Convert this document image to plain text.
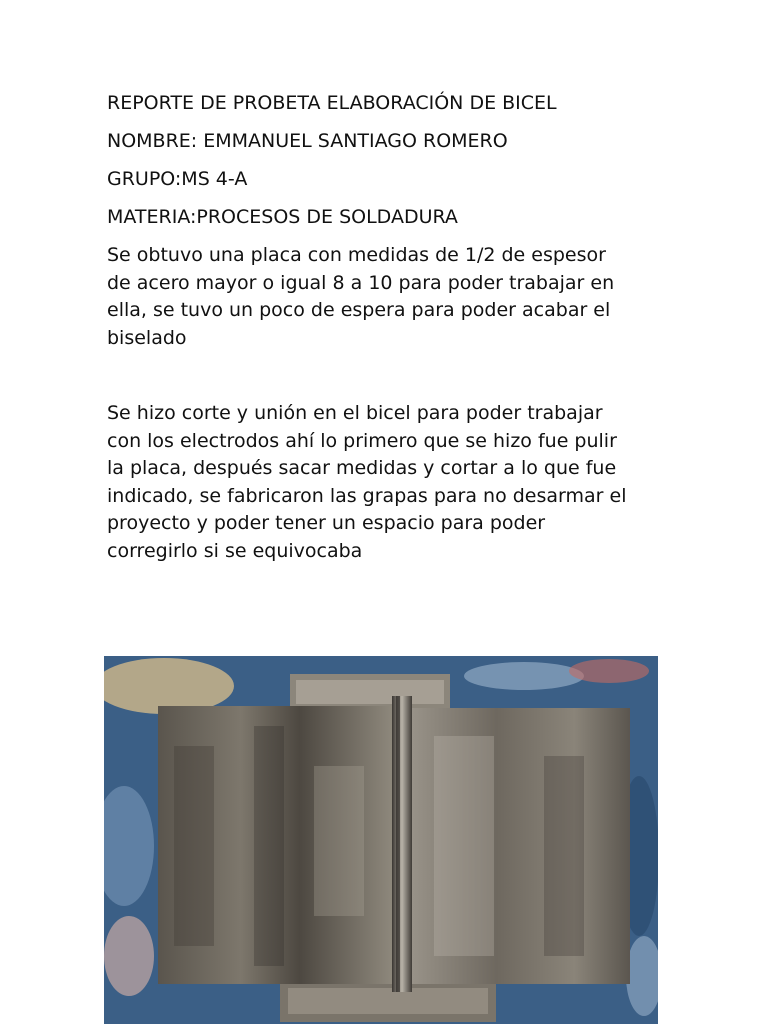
REPORTE DE PROBETA ELABORACIÓN DE BICEL
NOMBRE: EMMANUEL SANTIAGO ROMERO
GRUPO:MS 4-A
MATERIA:PROCESOS DE SOLDADURA
Se obtuvo una placa con medidas de 1/2 de espesor
de acero mayor o igual 8 a 10 para poder trabajar en
ella, se tuvo un poco de espera para poder acabar el
biselado
Se hizo corte y unión en el bicel para poder trabajar
con los electrodos ahí lo primero que se hizo fue pulir
la placa, después sacar medidas y cortar a lo que fue
indicado, se fabricaron las grapas para no desarmar el
proyecto y poder tener un espacio para poder
corregirlo si se equivocaba
